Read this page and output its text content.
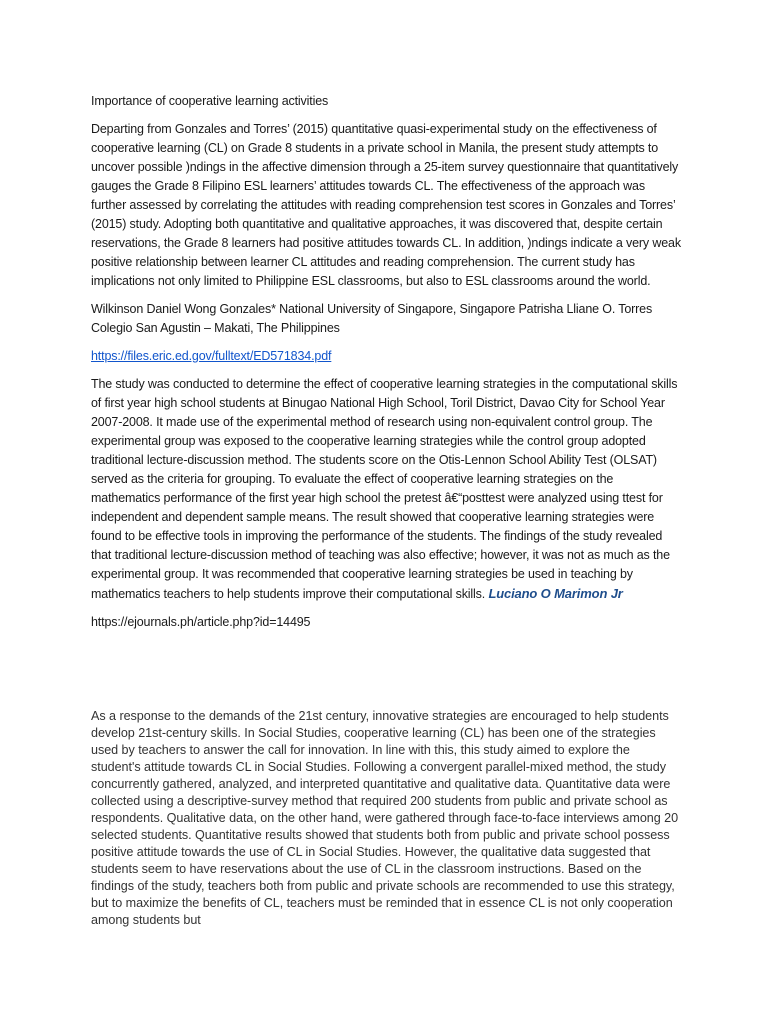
Importance of cooperative learning activities

Departing from Gonzales and Torres’ (2015) quantitative quasi-experimental study on the effectiveness of cooperative learning (CL) on Grade 8 students in a private school in Manila, the present study attempts to uncover possible )ndings in the affective dimension through a 25-item survey questionnaire that quantitatively gauges the Grade 8 Filipino ESL learners’ attitudes towards CL. The effectiveness of the approach was further assessed by correlating the attitudes with reading comprehension test scores in Gonzales and Torres’ (2015) study. Adopting both quantitative and qualitative approaches, it was discovered that, despite certain reservations, the Grade 8 learners had positive attitudes towards CL. In addition, )ndings indicate a very weak positive relationship between learner CL attitudes and reading comprehension. The current study has implications not only limited to Philippine ESL classrooms, but also to ESL classrooms around the world.

Wilkinson Daniel Wong Gonzales* National University of Singapore, Singapore Patrisha Lliane O. Torres Colegio San Agustin – Makati, The Philippines

https://files.eric.ed.gov/fulltext/ED571834.pdf

The study was conducted to determine the effect of cooperative learning strategies in the computational skills of first year high school students at Binugao National High School, Toril District, Davao City for School Year 2007-2008. It made use of the experimental method of research using non-equivalent control group. The experimental group was exposed to the cooperative learning strategies while the control group adopted traditional lecture-discussion method. The students score on the Otis-Lennon School Ability Test (OLSAT) served as the criteria for grouping. To evaluate the effect of cooperative learning strategies on the mathematics performance of the first year high school the pretest â€“posttest were analyzed using ttest for independent and dependent sample means. The result showed that cooperative learning strategies were found to be effective tools in improving the performance of the students. The findings of the study revealed that traditional lecture-discussion method of teaching was also effective; however, it was not as much as the experimental group. It was recommended that cooperative learning strategies be used in teaching by mathematics teachers to help students improve their computational skills. Luciano O Marimon Jr

https://ejournals.ph/article.php?id=14495

As a response to the demands of the 21st century, innovative strategies are encouraged to help students develop 21st-century skills. In Social Studies, cooperative learning (CL) has been one of the strategies used by teachers to answer the call for innovation. In line with this, this study aimed to explore the student's attitude towards CL in Social Studies. Following a convergent parallel-mixed method, the study concurrently gathered, analyzed, and interpreted quantitative and qualitative data. Quantitative data were collected using a descriptive-survey method that required 200 students from public and private school as respondents. Qualitative data, on the other hand, were gathered through face-to-face interviews among 20 selected students. Quantitative results showed that students both from public and private school possess positive attitude towards the use of CL in Social Studies. However, the qualitative data suggested that students seem to have reservations about the use of CL in the classroom instructions. Based on the findings of the study, teachers both from public and private schools are recommended to use this strategy, but to maximize the benefits of CL, teachers must be reminded that in essence CL is not only cooperation among students but
